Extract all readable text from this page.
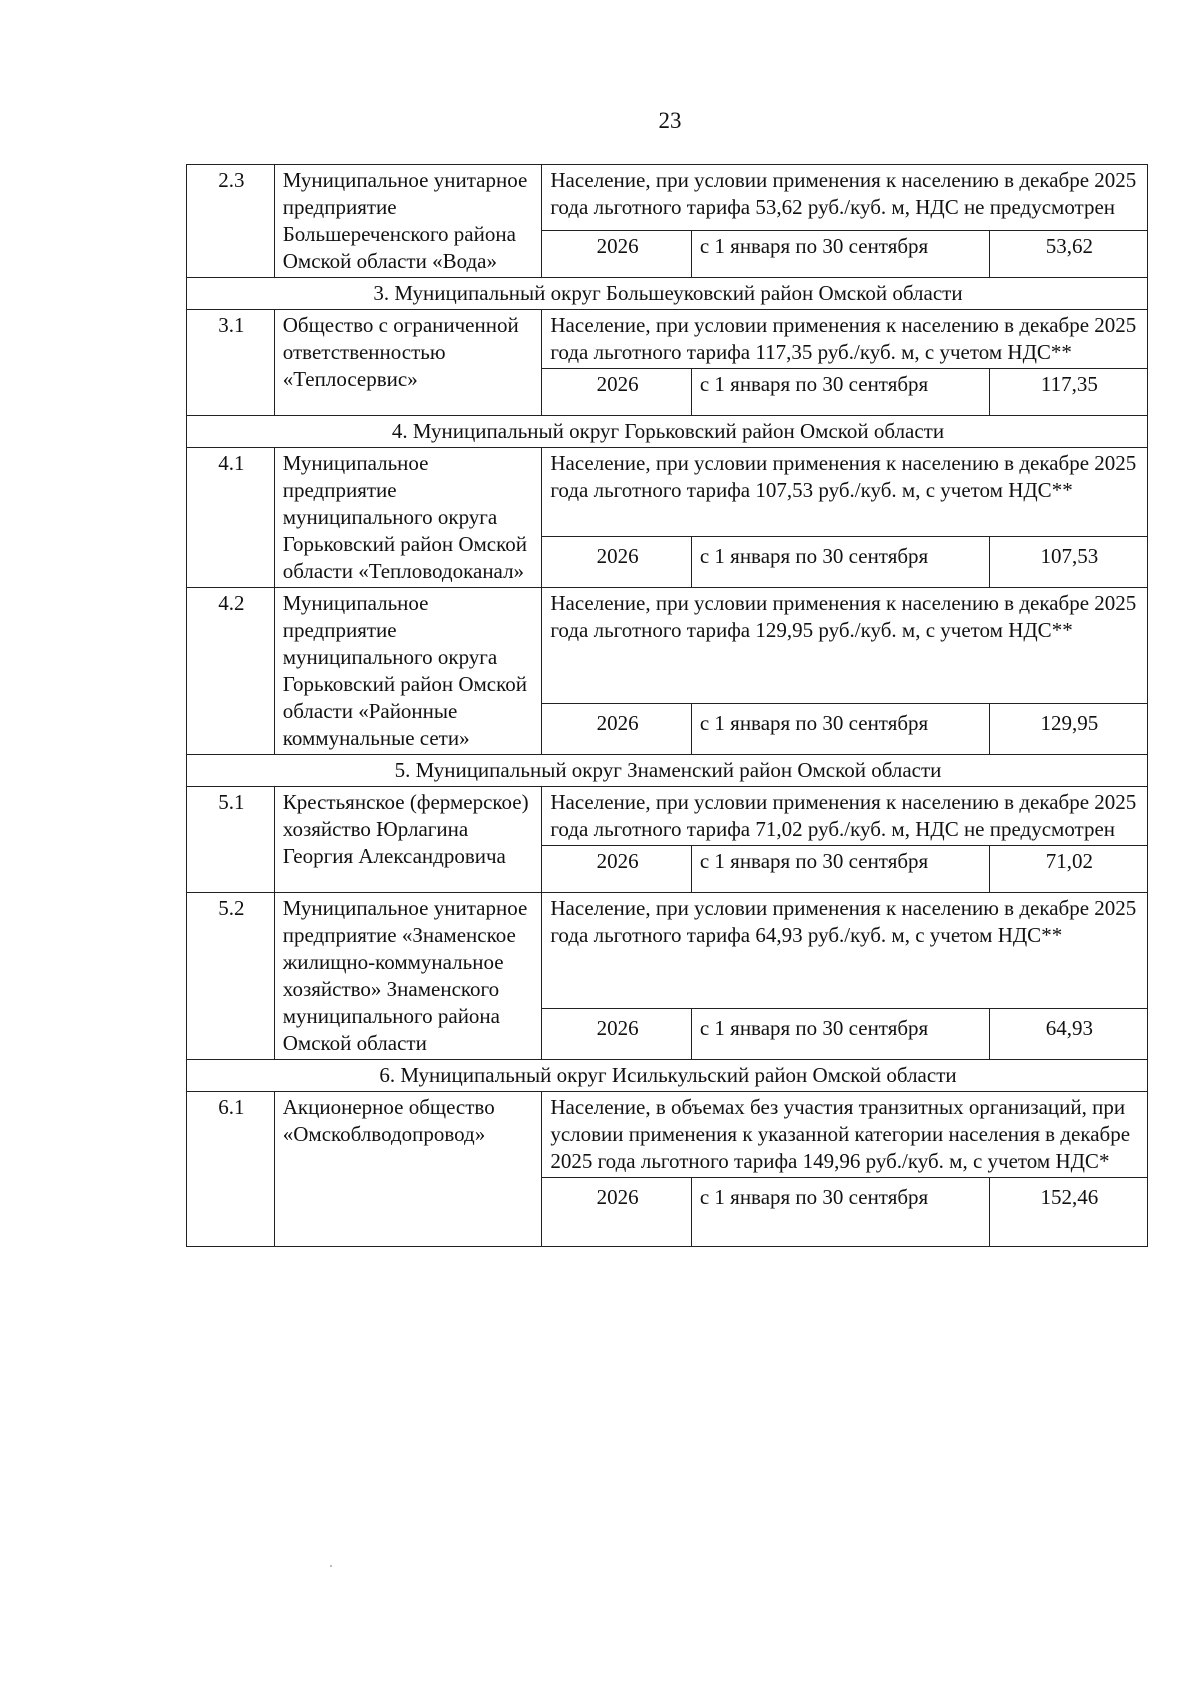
23
2.3	Муниципальное унитарное предприятие Большереченского района Омской области «Вода»	Население, при условии применения к населению в декабре 2025 года льготного тарифа 53,62 руб./куб. м, НДС не предусмотрен		
		2026	с 1 января по 30 сентября	53,62
3. Муниципальный округ Большеуковский район Омской области				
3.1	Общество с ограниченной ответственностью «Теплосервис»	Население, при условии применения к населению в декабре 2025 года льготного тарифа 117,35 руб./куб. м, с учетом НДС**		
		2026	с 1 января по 30 сентября	117,35
4. Муниципальный округ Горьковский район Омской области				
4.1	Муниципальное предприятие муниципального округа Горьковский район Омской области «Тепловодоканал»	Население, при условии применения к населению в декабре 2025 года льготного тарифа 107,53 руб./куб. м, с учетом НДС**		
		2026	с 1 января по 30 сентября	107,53
4.2	Муниципальное предприятие муниципального округа Горьковский район Омской области «Районные коммунальные сети»	Население, при условии применения к населению в декабре 2025 года льготного тарифа 129,95 руб./куб. м, с учетом НДС**		
		2026	с 1 января по 30 сентября	129,95
5. Муниципальный округ Знаменский район Омской области				
5.1	Крестьянское (фермерское) хозяйство Юрлагина Георгия Александровича	Население, при условии применения к населению в декабре 2025 года льготного тарифа 71,02 руб./куб. м, НДС не предусмотрен		
		2026	с 1 января по 30 сентября	71,02
5.2	Муниципальное унитарное предприятие «Знаменское жилищно-коммунальное хозяйство» Знаменского муниципального района Омской области	Население, при условии применения к населению в декабре 2025 года льготного тарифа 64,93 руб./куб. м, с учетом НДС**		
		2026	с 1 января по 30 сентября	64,93
6. Муниципальный округ Исилькульский район Омской области				
6.1	Акционерное общество «Омскоблводопровод»	Население, в объемах без участия транзитных организаций, при условии применения к указанной категории населения в декабре 2025 года льготного тарифа 149,96 руб./куб. м, с учетом НДС*		
		2026	с 1 января по 30 сентября	152,46
